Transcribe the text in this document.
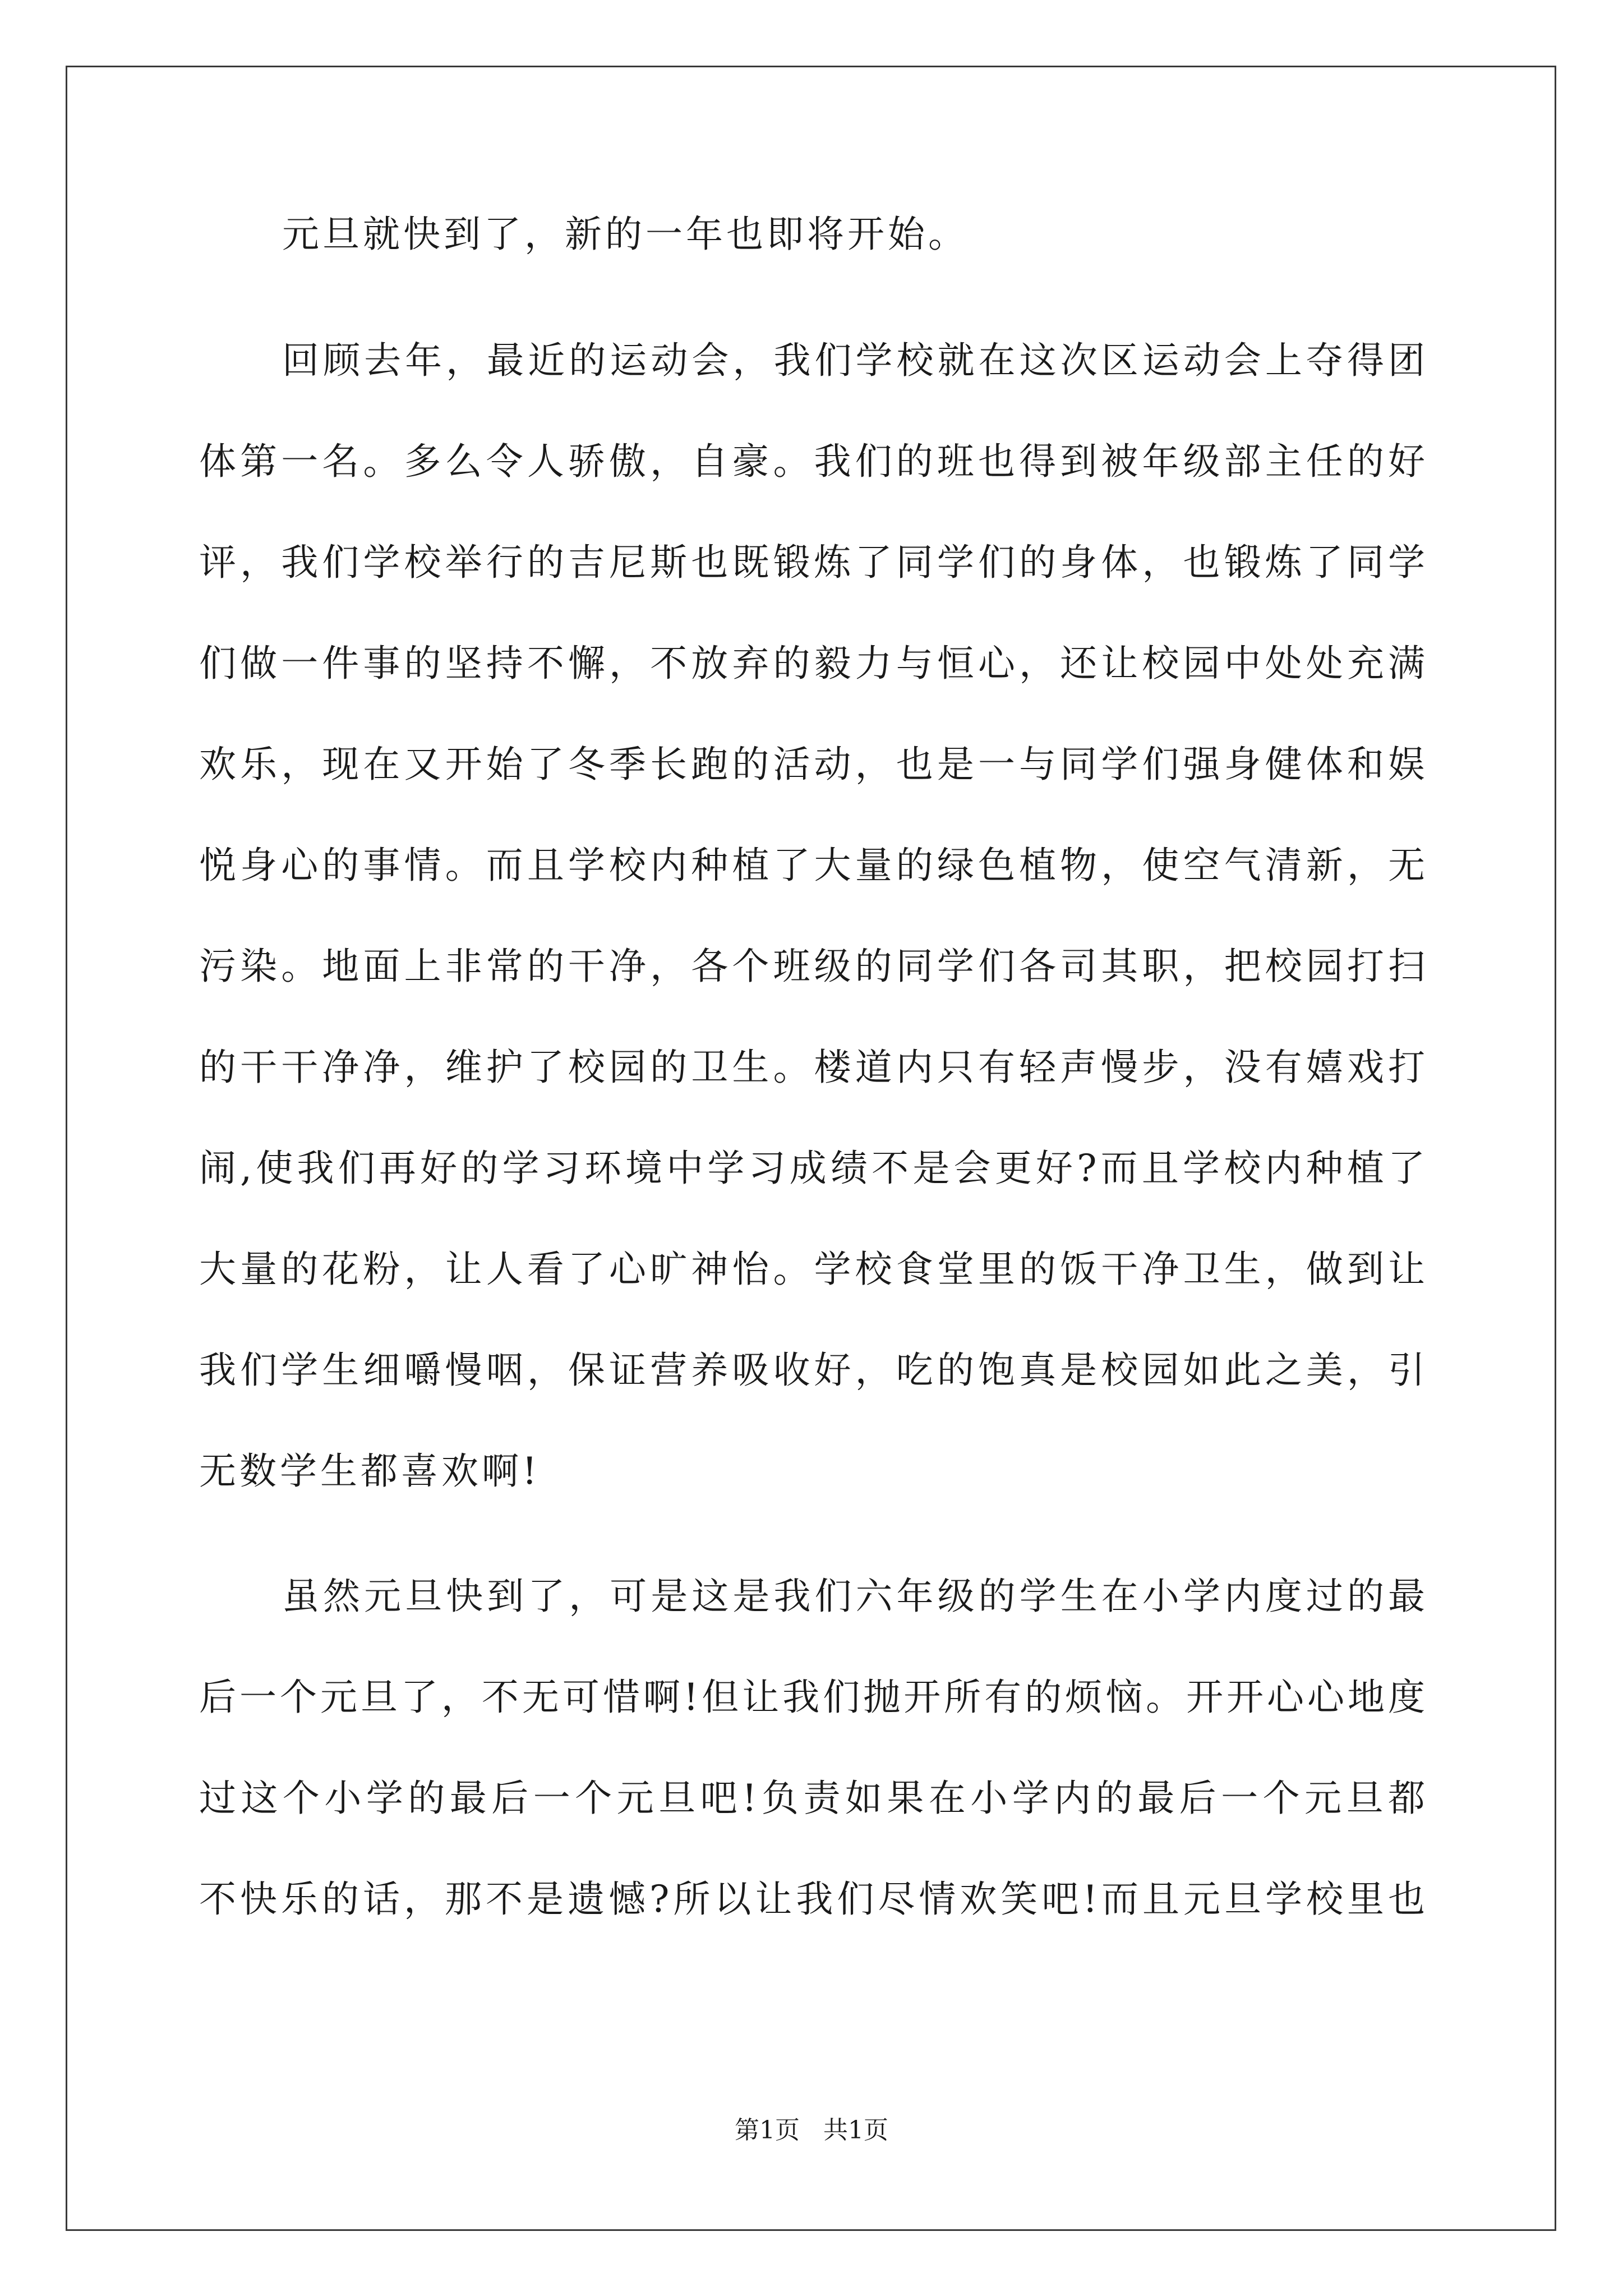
元旦就快到了，新的一年也即将开始。

回顾去年，最近的运动会，我们学校就在这次区运动会上夺得团

体第一名。多么令人骄傲，自豪。我们的班也得到被年级部主任的好

评，我们学校举行的吉尼斯也既锻炼了同学们的身体，也锻炼了同学

们做一件事的坚持不懈，不放弃的毅力与恒心，还让校园中处处充满

欢乐，现在又开始了冬季长跑的活动，也是一与同学们强身健体和娱

悦身心的事情。而且学校内种植了大量的绿色植物，使空气清新，无

污染。地面上非常的干净，各个班级的同学们各司其职，把校园打扫

的干干净净，维护了校园的卫生。楼道内只有轻声慢步，没有嬉戏打

闹,使我们再好的学习环境中学习成绩不是会更好?而且学校内种植了

大量的花粉，让人看了心旷神怡。学校食堂里的饭干净卫生，做到让

我们学生细嚼慢咽，保证营养吸收好，吃的饱真是校园如此之美，引

无数学生都喜欢啊!

虽然元旦快到了，可是这是我们六年级的学生在小学内度过的最

后一个元旦了，不无可惜啊!但让我们抛开所有的烦恼。开开心心地度

过这个小学的最后一个元旦吧!负责如果在小学内的最后一个元旦都

不快乐的话，那不是遗憾?所以让我们尽情欢笑吧!而且元旦学校里也

第1页   共1页
